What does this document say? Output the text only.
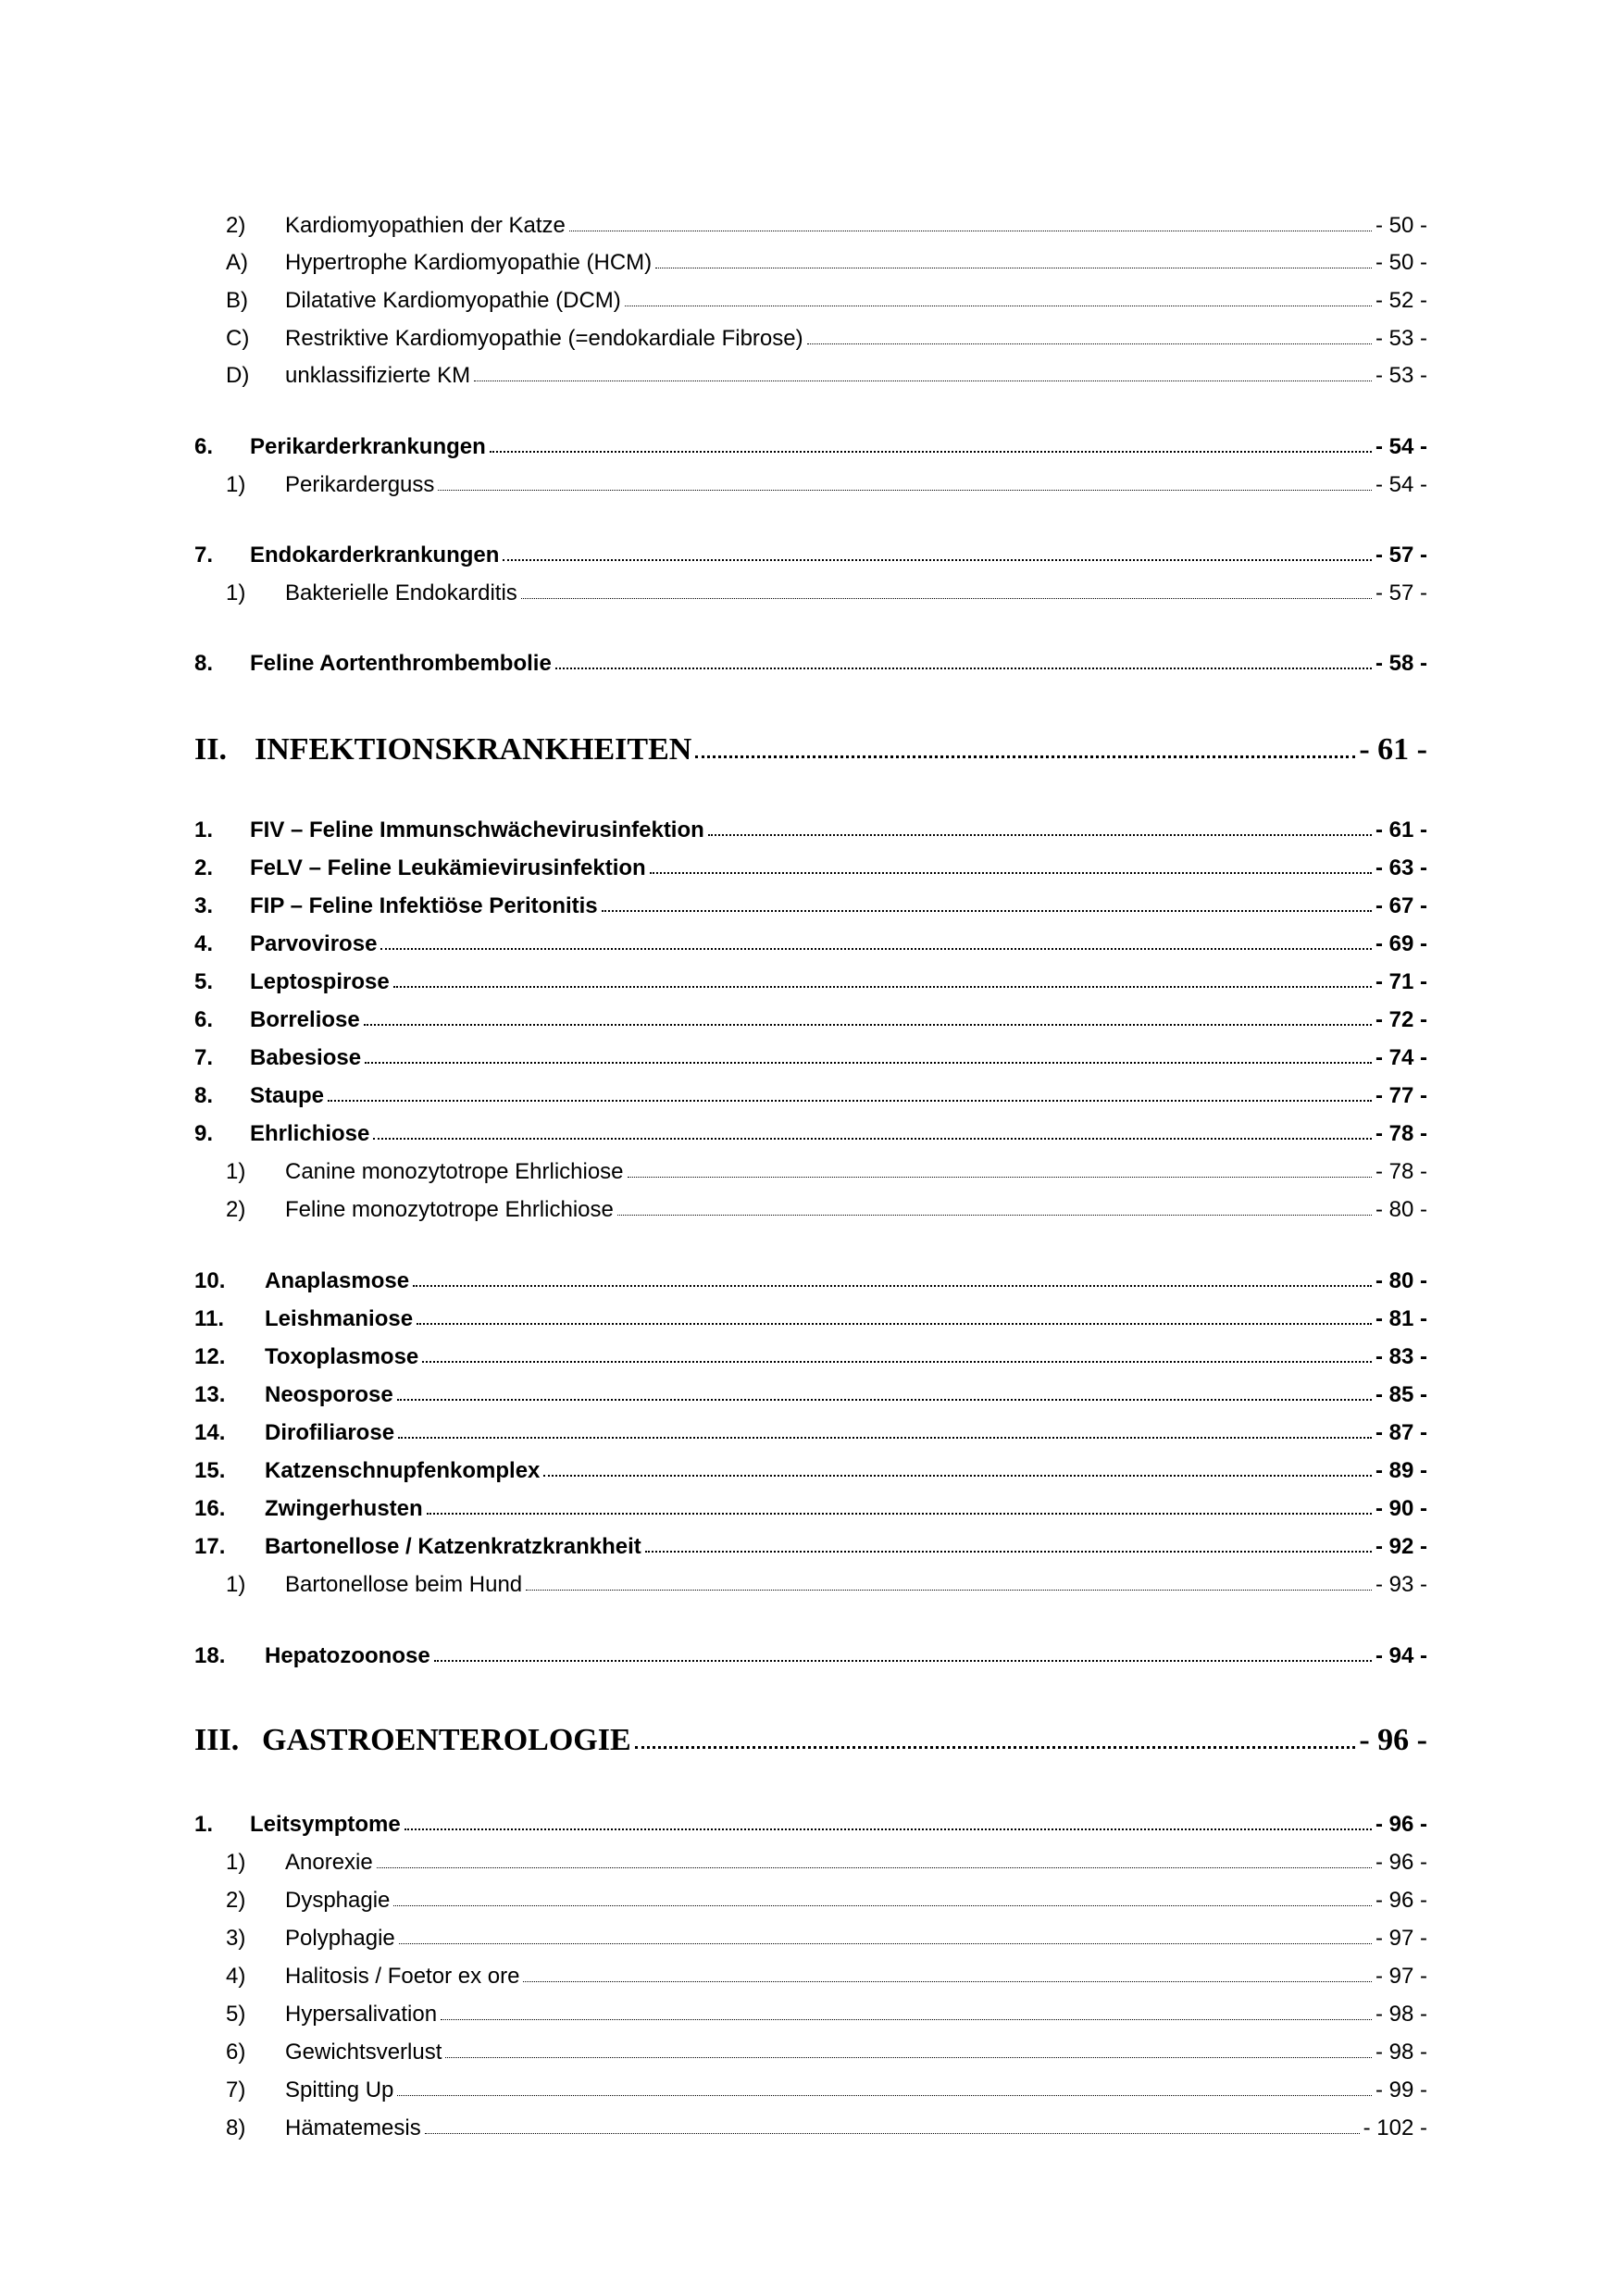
2)	Kardiomyopathien der Katze	- 50 -
A)	Hypertrophe Kardiomyopathie (HCM)	- 50 -
B)	Dilatative Kardiomyopathie (DCM)	- 52 -
C)	Restriktive Kardiomyopathie (=endokardiale Fibrose)	- 53 -
D)	unklassifizierte KM	- 53 -
6.	Perikarderkrankungen	- 54 -
1)	Perikarderguss	- 54 -
7.	Endokarderkrankungen	- 57 -
1)	Bakterielle Endokarditis	- 57 -
8.	Feline Aortenthrombembolie	- 58 -
II. INFEKTIONSKRANKHEITEN	- 61 -
1.	FIV – Feline Immunschwächevirusinfektion	- 61 -
2.	FeLV – Feline Leukämievirusinfektion	- 63 -
3.	FIP – Feline Infektiöse Peritonitis	- 67 -
4.	Parvovirose	- 69 -
5.	Leptospirose	- 71 -
6.	Borreliose	- 72 -
7.	Babesiose	- 74 -
8.	Staupe	- 77 -
9.	Ehrlichiose	- 78 -
1)	Canine monozytotrope Ehrlichiose	- 78 -
2)	Feline monozytotrope Ehrlichiose	- 80 -
10.	Anaplasmose	- 80 -
11.	Leishmaniose	- 81 -
12.	Toxoplasmose	- 83 -
13.	Neosporose	- 85 -
14.	Dirofiliarose	- 87 -
15.	Katzenschnupfenkomplex	- 89 -
16.	Zwingerhusten	- 90 -
17.	Bartonellose / Katzenkratzkrankheit	- 92 -
1)	Bartonellose beim Hund	- 93 -
18.	Hepatozoonose	- 94 -
III. GASTROENTEROLOGIE	- 96 -
1.	Leitsymptome	- 96 -
1)	Anorexie	- 96 -
2)	Dysphagie	- 96 -
3)	Polyphagie	- 97 -
4)	Halitosis / Foetor ex ore	- 97 -
5)	Hypersalivation	- 98 -
6)	Gewichtsverlust	- 98 -
7)	Spitting Up	- 99 -
8)	Hämatemesis	- 102 -
